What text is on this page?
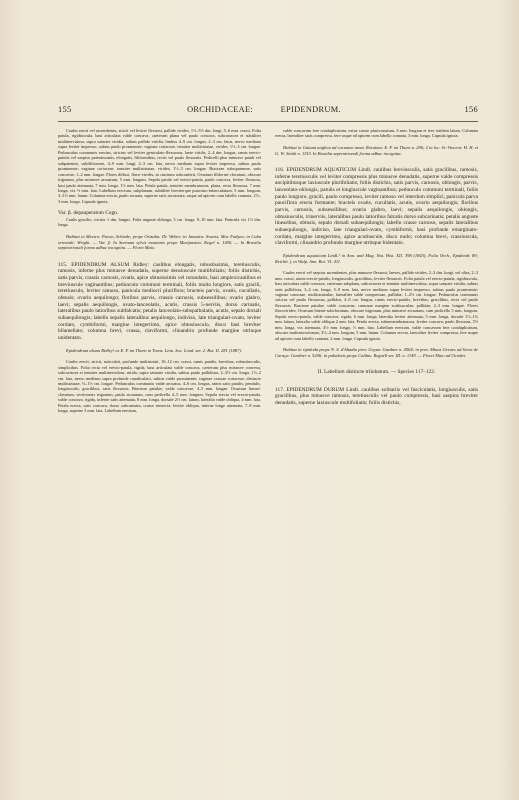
155	ORCHIDACEAE:	EPIDENDRUM.	156

Caules erecti vel ascendentes, stricti vel leviter flexuosi, pallide virides, 1½–5½ dm. longi, 5–6 mm. crassi. Folia patula, rigidiuscula, basi articulata valde concava, caeterum plana vel paulo concava, subcoriacea et subtiliter multinervulosa, supra saturate viridia, subtus pallide viridia; limbus 4–9 cm. longus, 2–3 cm. latus, nervo mediano supra leviter impresso, subtus paulo prominente; vaginae coriaceae, tenuiter multistriatae, virides, 1½–3 cm. longae. Pedunculus communis erectus, strictus vel leviter geniculato-flexuosus, laete viridis, 2–4 dm. longus, ramis erecto-patulis vel saepius patentissimis, elongatis, filiformibus, rectis vel paulo flexuosis. Pedicelli plus minusve patuli vel subpatentes, subfiliformes, 4–9 mm. longi, 2–3 cm. lata, nervo mediano supra leviter impresso, subtus paulo prominente; vaginae coriaceae, tenuiter multistriatae, virides, 1½–3 cm. longae. Bracteae subsquameae, satis concavae, 1–2 mm. longae. Flores diffusi, flavo-virides, in cincinno subconferti. Ovarium filiformi-clavatum, obscure trigonum, plus minusve arcuatum, 5 mm. longum. Sepala patula vel erecto-patula, paulo concava, leviter flexuosa, basi paulo attenuata, 7 mm. longa, 1½ mm. lata. Petala patula, tenuiter membranacea, plana, recta flexuosa, 7 mm. longa, vix ½ mm. lata. Labellum erectum, subplanum, subtiliter breviterque puncturo-tuberculatum, 5 mm. longum, 3–3½ mm. latum. Columna erecta, paulo arcuata, superne satis incrassata, usque ad apicem cum labello connata, 2½–3 mm. longa. Capsula ignota.

Var. β. depauperatum Cogn.

Caulis gracilis, circiter 1 dm. longus. Folia anguste oblonga, 5 cm. longa, 9–10 mm. lata. Panicula vix 1½ dm. longa.

Habitat in Mexico: Pavon, Schiede; prope Orizaba: Dr. Weber; in Jamaica: Swartz, Mac Fadyen; in Cuba orientali: Wright. — Var. β. In Surinam sylvis montanis prope Maripaston: Kegel n. 1450. — In Brasilia septentrionali forma adhuc incognita. — Floret Maio.

115. EPIDENDRUM ALSUM Ridley: caulibus elongatis, robustissimis, teretiusculis, ramosis, inferne plus minusve denudatis, superne densiuscule multifoliatis; foliis distichis, satis parvis, crassis carnosis, ovatis, apice obtusissimis vel rotundatis, basi amplexicaulibus et breviuscule vaginantibus; pedunculo communi terminali, foliis multo longiore, satis gracili, teretiusculo, leviter ramoso, panicula mediocri pluriflora; bracteis parvis, ovatis, cucullatis, obtusis; ovario aequilongo; floribus parvis, crassis carnosis, subsessilibus; ovario glabro, laevi; sepalis aequilongis, ovato-lanceolatis, acutis, crassis 5-nerviis, dorso carinatis, lateralibus paulo latioribus subfalcatis; petalis lanceolato-subspathulatis, acutis, sepalo dorsali subaequilongis; labello sepalis lateralibus aequilongo, indiviso, late triangulari-ovato, leviter cordato, cymbiformi, margine integerrimo, apice obtusiusculo, disco basi breviter bilamellato; columna brevi, crassa, claviformi, clinandrio profunde margine utrinque unidentato.

Epidendrum alsum Ridley! ex E. F. im Thurn in Trans. Linn. Soc. Lond. ser. 2. Bot. II. 281 (1887).

Caules erecti, stricti, noticulati, profunde multistriati, 10–12 cm. crassi, ramis patulis, brevibus, robustiusculis, simplicibus. Folia recta vel erecto-patula, rigida, basi articulata valde concava, caeterum plus minusve convexa, subcoriacea et tenuiter multinervulosa, nitida, supra saturate viridia, subtus paulo pallidiora, 2–3½ cm. longa, 1½–2 cm. lata, nervo mediano supra profunde canaliculato, subtus valde prominente; vaginae crassae coriaceae, distincte multistriatae, ½–1½ cm. longae. Pedunculus communis valde arcuatus, 4–6 cm. longus, ramis satis patulis, pendulis, longiusculis, gracilibus, satis flexuosis. Bracteae patulae, valde concavae, 4–5 mm. longae. Ovarium lineari-clavatum, sectionesis trigonum, paulo arcuatum, cum pedicello 4–5 mm. longum. Sepala erecta vel erecto-patula, valde concava, rigida, inferne satis attenuata, 8 mm. longa, dorsale 2½ cm. latum, lateralia valde obliqua, 4 mm. lata. Petala erecta, satis concava, dorso subcarinata, crasse trinervia, leviter obliqua, inferne longe attenuata, 7–8 mm. longa, superne 3 mm. lata. Labellum erectum,

valde concavum fere conduplicatum, extus crasse pluricostatum, 6 mm. longum et fere totidem latum. Columna erecta, lateraliter satis compressa, fere usque ad apicem cum labello connata, 3 mm. longa. Capsula ignota.

Habitat in Guiana anglica ad cacumen mont. Roraima: E. F. im Thurn n. 290; 2 in loc. St.-Vincent: H. H. et G. W. Smith n. 1153. In Brasilia septentrionali forma adhuc incognita.

116. EPIDENDRUM AQUATICUM Lindl. caulibus breviusculis, satis gracilibus, ramosis, inferne teretiusculis vel leviter compressis plus minusve denudatis, superne valde compressis ancipitibusque laxiuscule plurifoliatis; foliis distichis, satis parvis, carnosis, oblongis, parvis, lanceolato-oblongis, patulis et longiuscule vaginantibus; pedunculo communi terminali, foliis paulo longiore, gracili, paulo compresso, leviter ramoso vel interdum simplici, panicula parva pauciflora erecta formante; bracteis ovatis, cucullatis, acutis, ovario aequilongis; floribus parvis, carnosis, subsessilibus; ovario glabro, laevi; sepalis aequilongis, oblongis, obtusiusculis, trinerviis, lateralibus paulo latioribus falcatis dorso subcarinatis; petalis anguste linearibus, obtusis, sepalo dorsali subaequilongis; labello crasse carnoso, sepalis lateralibus subaequilongo, indiviso, late triangulari-ovato, cymbiformi, basi profunde emarginato-cordato, margine integerrimo, apice acutiuscule, disco nudo; columna brevi, crassiuscula, claviformi, clinandrio profundo margine utrinque bidentato.

Epidendrum aquaticum Lindl.! in Ann. and Mag. Nat. Hist. XII. 398 (1843), Folia Orch., Epidendr. 89; Reichb. f. in Walp. Ann. Bot. VI. 411.

Caules erecti vel saepius ascendentes, plus minusve flexuosi, laeves, pallide virides, 2–3 dm. longi, vel ultra, 2–3 mm. crassi, ramis erecto-patulis, longiusculis, gracilibus, leviter flexuosis. Folia patula vel erecto-patula, rigidiuscula, basi articulata valde concava, caeterum subplana, subcoriacea et tenuiter multinervulosa, supra saturate viridia, subtus satis pallidiora, 3–4 cm. longa, 5–8 mm. lata, nervo mediano supra leviter impresso, subtus paulo prominente; vaginae carnosae, multistriatulae, lateraliter valde compressae, pallidae, 1–2½ cm. longae. Pedunculus communis strictus vel paulo flexuosus, pallidus, 4–6 cm. longus, ramis erecto-patulis, brevibus, gracilibus, recta vel paulo flexuosis. Bracteae patulae, valde concavae, carnosae margine scabiusculae, pallidae, 2–3 mm. longae. Flores flavovirides. Ovarium lineari-subclavatum, obscure trigonum, plus minusve arcuatum, cum pedicello 5 mm. longum. Sepala erecto-patula, valde concava, rigida, 6 mm. longa, lateralia leviter attenuata, 5 mm. longa, dorsale 1½–1¾ mm. latum, lateralia valde obliqua 2 mm. lata. Petala erecta, subsemembranacea, leviter concava, paulo flexuosa, 5½ mm. longa, vix attenuata, 4½ mm. longa, ⅓ mm. lata. Labellum erectum, valde concavum fere conduplicatum, obscure multinervulosum, 3½–4 mm. longum, 5 mm. latum. Columna erecta, lateraliter leviter compressa, fere usque ad apicem cum labello connata, 2 mm. longa. Capsula ignota.

Habitat in ripidoda prope N. S. d'Abadia prov. Goyaz: Gardner n. 4564; in prov. Minas Geraes ad Serra de Caraça: Gardner n. 5206; in paludosis prope Caldas: Regnell ser. III. n. 1149. — Floret Maio ad Octobri.

II. Labellum distincte trilobatum. — Species 117–122.

117. EPIDENDRUM DURUM Lindl. caulibus solitariis vel fasciculatis, longiusculis, satis gracilibus, plus minusve ramosis, teretiusculis vel paulo compressis, basi saepius breviter denudatis, superne laxiuscule multifoliatis; foliis distichis,
